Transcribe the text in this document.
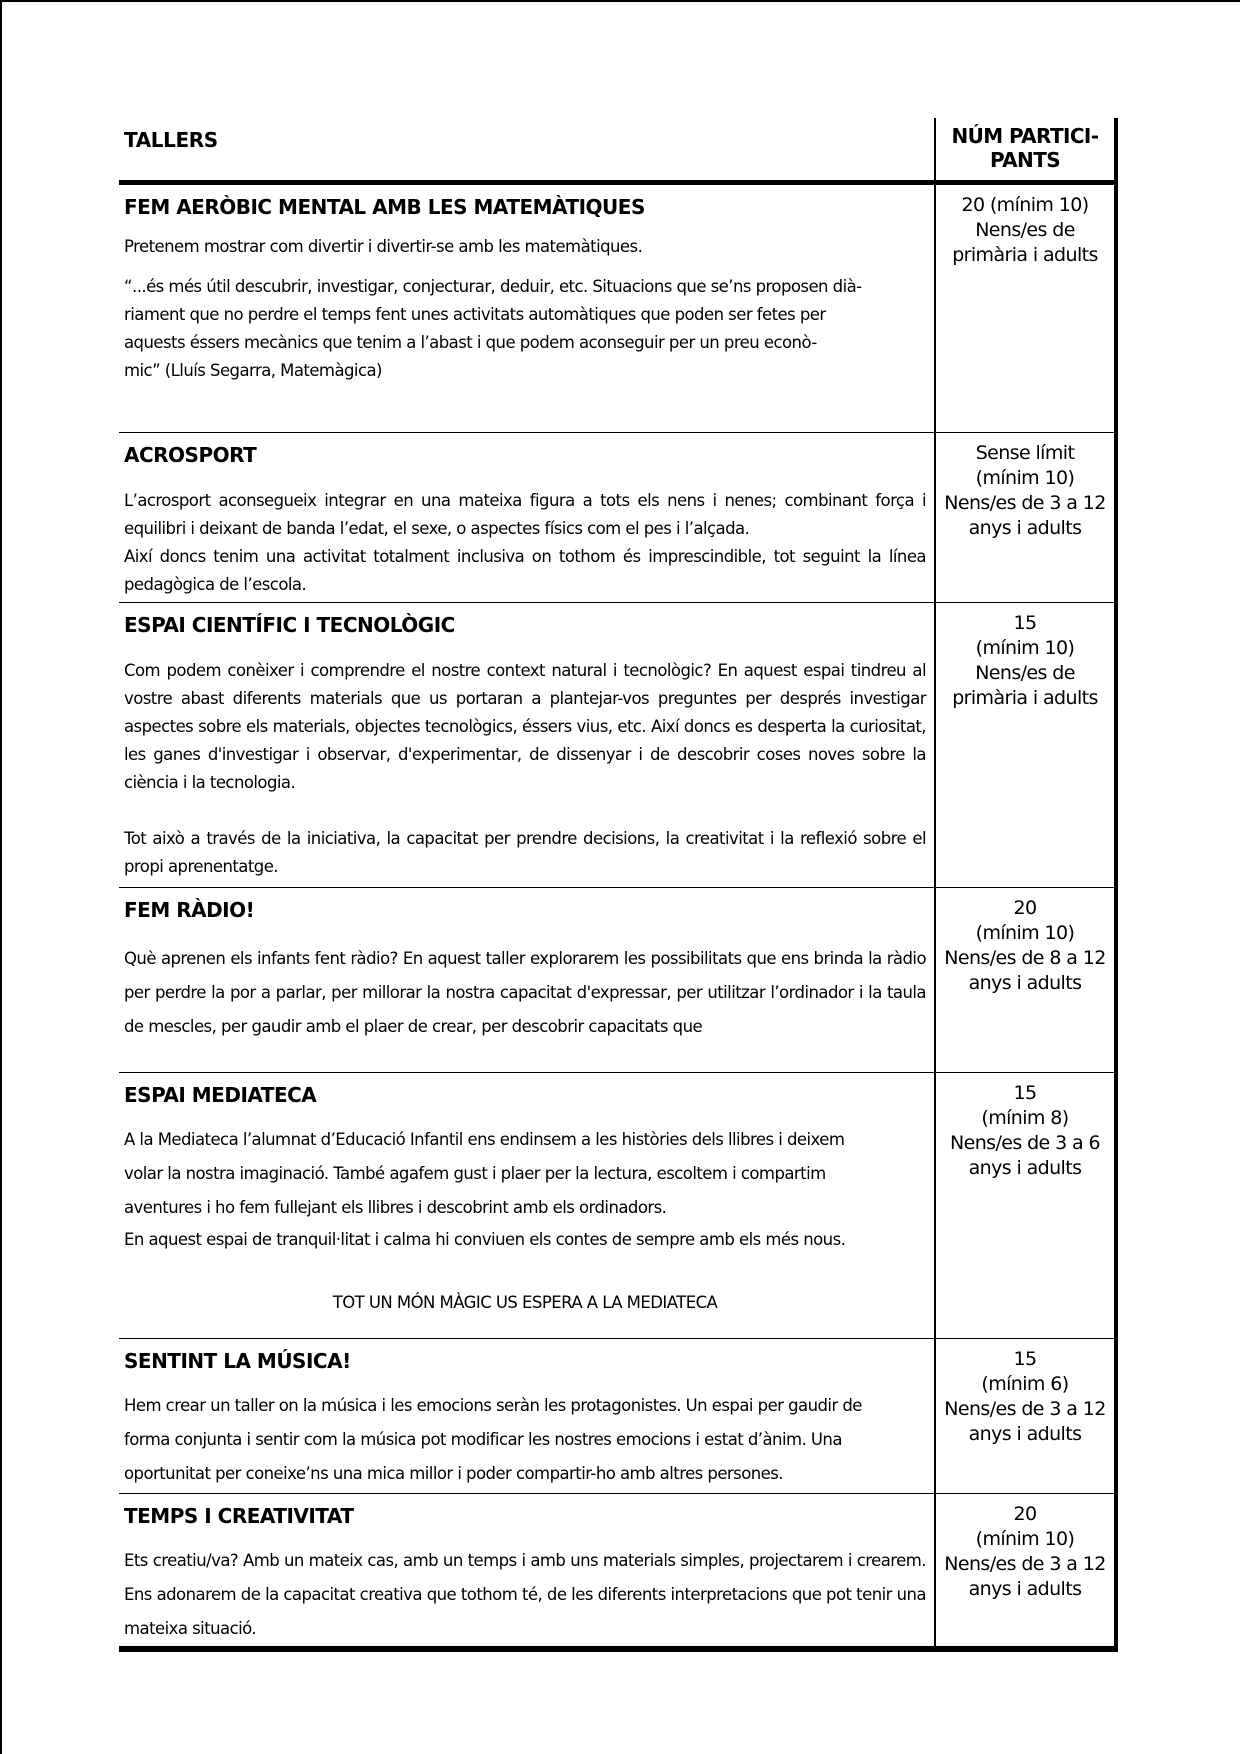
TALLERS	NÚM PARTICI-
PANTS
FEM AERÒBIC MENTAL AMB LES MATEMÀTIQUES

Pretenem mostrar com divertir i divertir-se amb les matemàtiques.

“...és més útil descubrir, investigar, conjecturar, deduir, etc. Situacions que se’ns proposen dià-

riament que no perdre el temps fent unes activitats automàtiques que poden ser fetes per

aquests éssers mecànics que tenim a l’abast i que podem aconseguir per un preu econò-

mic” (Lluís Segarra, Matemàgica)

20 (mínim 10)
Nens/es de
primària i adults
ACROSPORT

L’acrosport aconsegueix integrar en una mateixa figura a tots els nens i nenes; combinant força i equilibri i deixant de banda l’edat, el sexe, o aspectes físics com el pes i l’alçada.

Així doncs tenim una activitat totalment inclusiva on tothom és imprescindible, tot seguint la línea pedagògica de l’escola.

Sense límit
(mínim 10)
Nens/es de 3 a 12
anys i adults
ESPAI CIENTÍFIC I TECNOLÒGIC

Com podem conèixer i comprendre el nostre context natural i tecnològic? En aquest espai tindreu al vostre abast diferents materials que us portaran a plantejar-vos preguntes per després investigar aspectes sobre els materials, objectes tecnològics, éssers vius, etc. Així doncs es desperta la curiositat, les ganes d'investigar i observar, d'experimentar, de dissenyar i de descobrir coses noves sobre la ciència i la tecnologia.

Tot això a través de la iniciativa, la capacitat per prendre decisions, la creativitat i la reflexió sobre el propi aprenentatge.

15
(mínim 10)
Nens/es de
primària i adults
FEM RÀDIO!

Què aprenen els infants fent ràdio? En aquest taller explorarem les possibilitats que ens brinda la ràdio per perdre la por a parlar, per millorar la nostra capacitat d'expressar, per utilitzar l’ordinador i la taula de mescles, per gaudir amb el plaer de crear, per descobrir capacitats que

20
(mínim 10)
Nens/es de 8 a 12
anys i adults
ESPAI MEDIATECA

A la Mediateca l’alumnat d’Educació Infantil ens endinsem a les històries dels llibres i deixem

volar la nostra imaginació. També agafem gust i plaer per la lectura, escoltem i compartim

aventures i ho fem fullejant els llibres i descobrint amb els ordinadors.

En aquest espai de tranquil·litat i calma hi conviuen els contes de sempre amb els més nous.

TOT UN MÓN MÀGIC US ESPERA A LA MEDIATECA

15
(mínim 8)
Nens/es de 3 a 6
anys i adults
SENTINT LA MÚSICA!

Hem crear un taller on la música i les emocions seràn les protagonistes. Un espai per gaudir de

forma conjunta i sentir com la música pot modificar les nostres emocions i estat d’ànim. Una

oportunitat per coneixe’ns una mica millor i poder compartir-ho amb altres persones.

15
(mínim 6)
Nens/es de 3 a 12
anys i adults
TEMPS I CREATIVITAT

Ets creatiu/va? Amb un mateix cas, amb un temps i amb uns materials simples, projectarem i crearem. Ens adonarem de la capacitat creativa que tothom té, de les diferents interpretacions que pot tenir una mateixa situació.

20
(mínim 10)
Nens/es de 3 a 12
anys i adults
